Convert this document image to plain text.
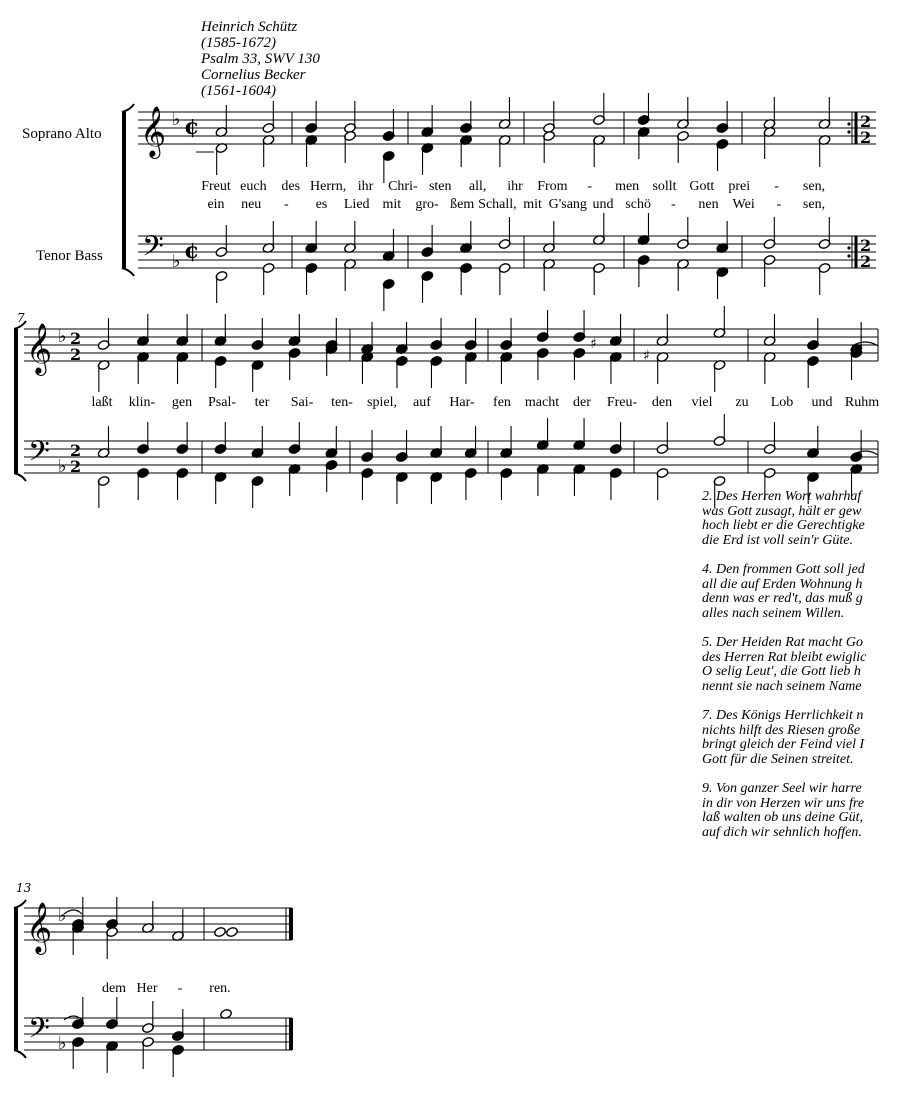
Heinrich Schütz
(1585-1672)
Psalm 33, SWV 130
Cornelius Becker
(1561-1604)
Soprano Alto
Tenor Bass
𝄞
𝄢
♭
♭
¢
¢
2
2
2
2
Freut euch des Herrn, ihr Chri- sten all, ihr From - men sollt Gott prei - sen,
ein neu - es Lied mit gro- ßem Schall, mit G'sang und schö - nen Wei - sen,
7
𝄞
𝄢
♭
♭
2
2
2
2
♯
♯
laßt klin- gen Psal- ter Sai- ten- spiel, auf Har- fen macht der Freu- den viel zu Lob und Ruhm
13
𝄞
𝄢
♭
♭
dem Her - ren.
2. Des Herren Wort wahrhaf
was Gott zusagt, hält er gew
hoch liebt er die Gerechtigke
die Erd ist voll sein'r Güte.
4. Den frommen Gott soll jed
all die auf Erden Wohnung h
denn was er red't, das muß g
alles nach seinem Willen.
5. Der Heiden Rat macht Go
des Herren Rat bleibt ewiglic
O selig Leut', die Gott lieb h
nennt sie nach seinem Name
7. Des Königs Herrlichkeit n
nichts hilft des Riesen große
bringt gleich der Feind viel I
Gott für die Seinen streitet.
9. Von ganzer Seel wir harre
in dir von Herzen wir uns fre
laß walten ob uns deine Güt,
auf dich wir sehnlich hoffen.
